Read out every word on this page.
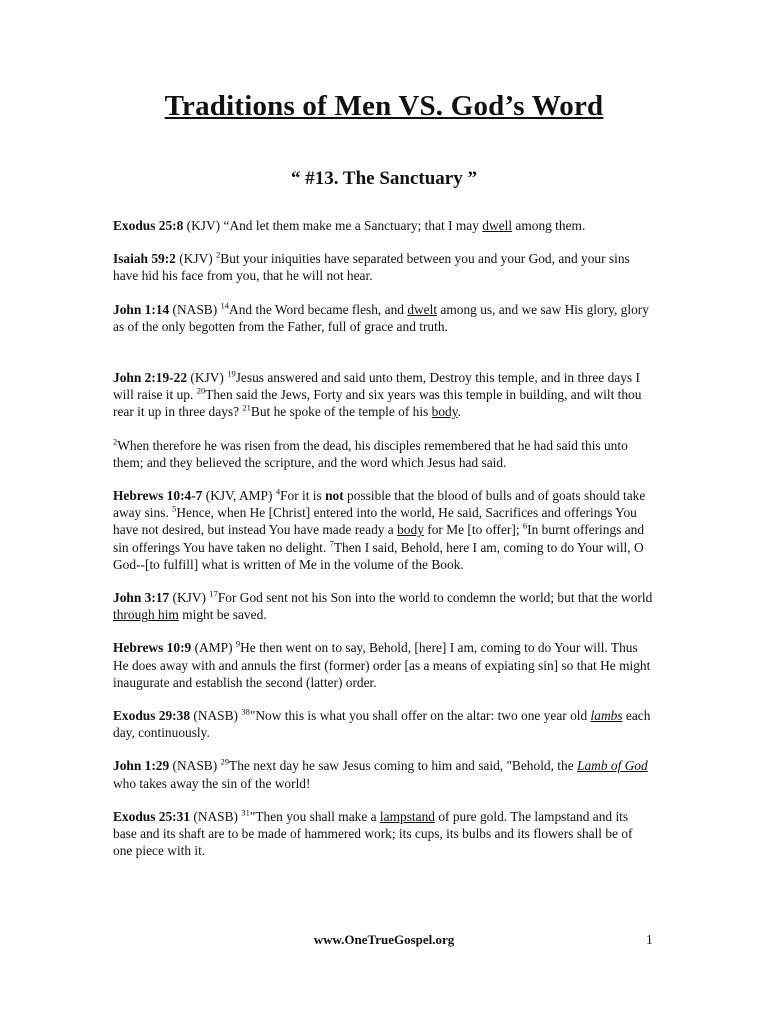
Traditions of Men VS. God’s Word
“ #13. The Sanctuary ”

Exodus 25:8 (KJV) “And let them make me a Sanctuary; that I may dwell among them.

Isaiah 59:2 (KJV) $^2$But your iniquities have separated between you and your God, and your sins have hid his face from you, that he will not hear.

John 1:14 (NASB) $^{14}$And the Word became flesh, and dwelt among us, and we saw His glory, glory as of the only begotten from the Father, full of grace and truth.

John 2:19-22 (KJV) $^{19}$Jesus answered and said unto them, Destroy this temple, and in three days I will raise it up. $^{20}$Then said the Jews, Forty and six years was this temple in building, and wilt thou rear it up in three days? $^{21}$But he spoke of the temple of his body.

$^2$When therefore he was risen from the dead, his disciples remembered that he had said this unto them; and they believed the scripture, and the word which Jesus had said.

Hebrews 10:4-7 (KJV, AMP) $^4$For it is not possible that the blood of bulls and of goats should take away sins. $^5$Hence, when He [Christ] entered into the world, He said, Sacrifices and offerings You have not desired, but instead You have made ready a body for Me [to offer]; $^6$In burnt offerings and sin offerings You have taken no delight. $^7$Then I said, Behold, here I am, coming to do Your will, O God--[to fulfill] what is written of Me in the volume of the Book.

John 3:17 (KJV) $^{17}$For God sent not his Son into the world to condemn the world; but that the world through him might be saved.

Hebrews 10:9 (AMP) $^9$He then went on to say, Behold, [here] I am, coming to do Your will. Thus He does away with and annuls the first (former) order [as a means of expiating sin] so that He might inaugurate and establish the second (latter) order.

Exodus 29:38 (NASB) $^{38}$"Now this is what you shall offer on the altar: two one year old lambs each day, continuously.

John 1:29 (NASB) $^{29}$The next day he saw Jesus coming to him and said, "Behold, the Lamb of God who takes away the sin of the world!

Exodus 25:31 (NASB) $^{31}$"Then you shall make a lampstand of pure gold. The lampstand and its base and its shaft are to be made of hammered work; its cups, its bulbs and its flowers shall be of one piece with it.

www.OneTrueGospel.org	1
